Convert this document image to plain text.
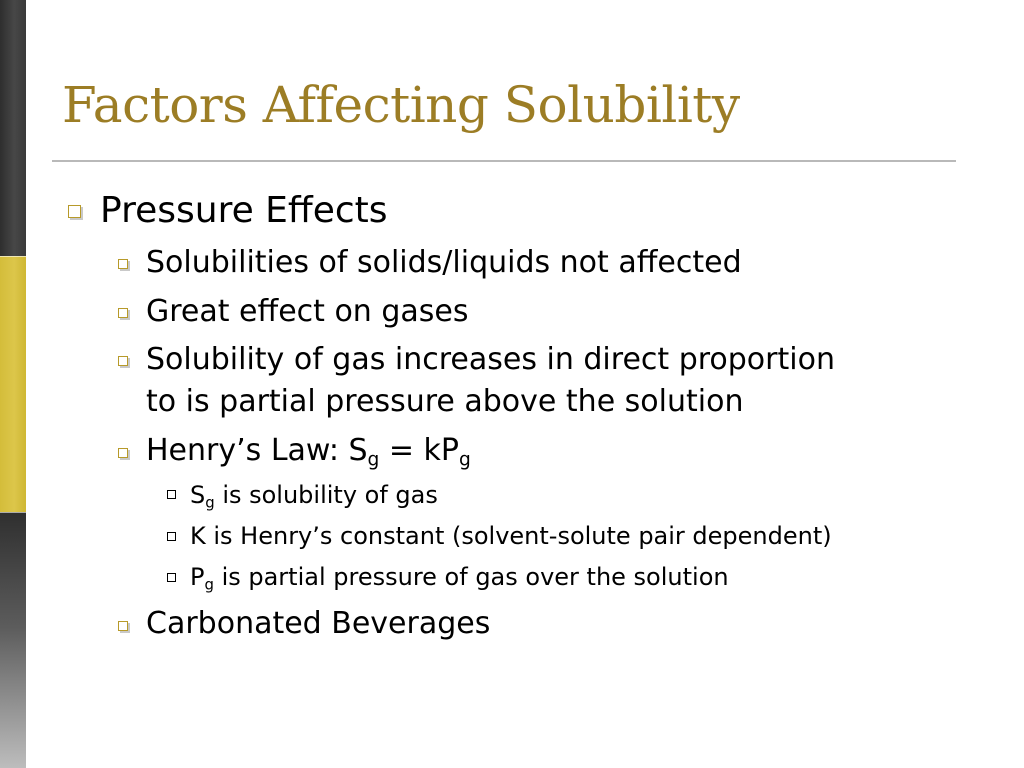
Factors Affecting Solubility
Pressure Effects
Solubilities of solids/liquids not affected
Great effect on gases
Solubility of gas increases in direct proportion
to is partial pressure above the solution
Henry’s Law: $S_g = kP_g$
$S_g$ is solubility of gas
K is Henry’s constant (solvent-solute pair dependent)
$P_g$ is partial pressure of gas over the solution
Carbonated Beverages
